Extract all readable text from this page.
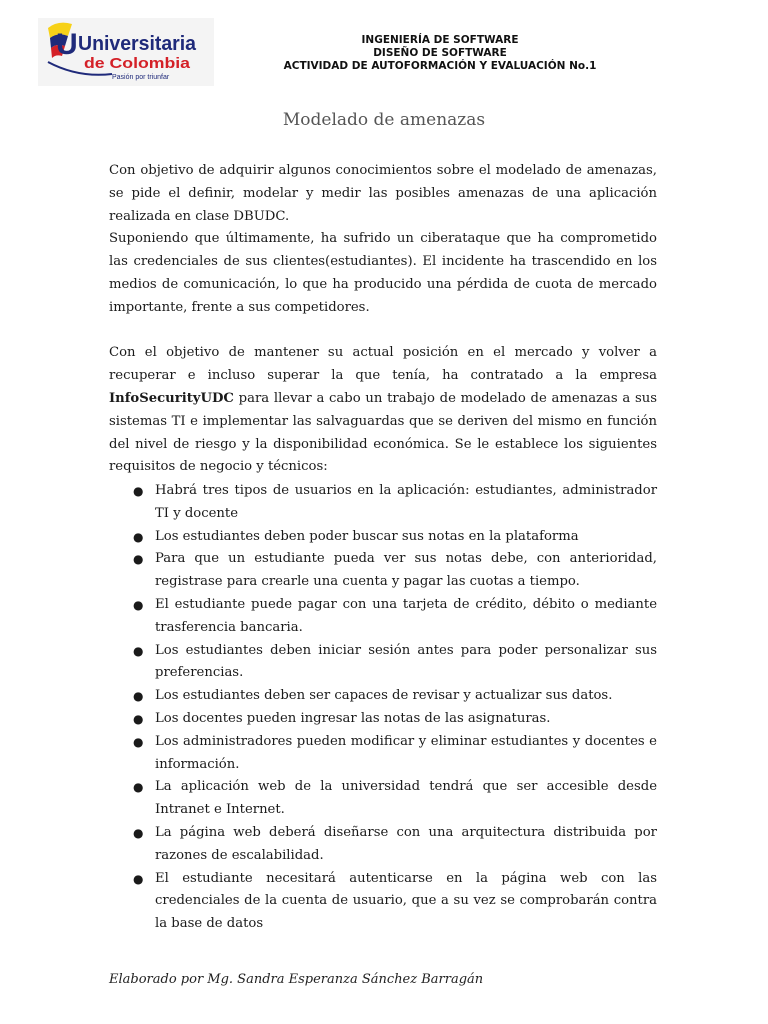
U Universitaria
de Colombia
Pasión por triunfar
INGENIERÍA DE SOFTWARE
DISEÑO DE SOFTWARE
ACTIVIDAD DE AUTOFORMACIÓN Y EVALUACIÓN No.1
Modelado de amenazas

Con objetivo de adquirir algunos conocimientos sobre el modelado de amenazas, se pide el definir, modelar y medir las posibles amenazas de una aplicación realizada en clase DBUDC.

Suponiendo que últimamente, ha sufrido un ciberataque que ha comprometido las credenciales de sus clientes(estudiantes). El incidente ha trascendido en los medios de comunicación, lo que ha producido una pérdida de cuota de mercado importante, frente a sus competidores.

Con el objetivo de mantener su actual posición en el mercado y volver a recuperar e incluso superar la que tenía, ha contratado a la empresa InfoSecurityUDC para llevar a cabo un trabajo de modelado de amenazas a sus sistemas TI e implementar las salvaguardas que se deriven del mismo en función del nivel de riesgo y la disponibilidad económica. Se le establece los siguientes requisitos de negocio y técnicos:

● Habrá tres tipos de usuarios en la aplicación: estudiantes, administrador TI y docente
● Los estudiantes deben poder buscar sus notas en la plataforma
● Para que un estudiante pueda ver sus notas debe, con anterioridad, registrase para crearle una cuenta y pagar las cuotas a tiempo.
● El estudiante puede pagar con una tarjeta de crédito, débito o mediante trasferencia bancaria.
● Los estudiantes deben iniciar sesión antes para poder personalizar sus preferencias.
● Los estudiantes deben ser capaces de revisar y actualizar sus datos.
● Los docentes pueden ingresar las notas de las asignaturas.
● Los administradores pueden modificar y eliminar estudiantes y docentes e información.
● La aplicación web de la universidad tendrá que ser accesible desde Intranet e Internet.
● La página web deberá diseñarse con una arquitectura distribuida por razones de escalabilidad.
● El estudiante necesitará autenticarse en la página web con las credenciales de la cuenta de usuario, que a su vez se comprobarán contra la base de datos
Elaborado por Mg. Sandra Esperanza Sánchez Barragán
